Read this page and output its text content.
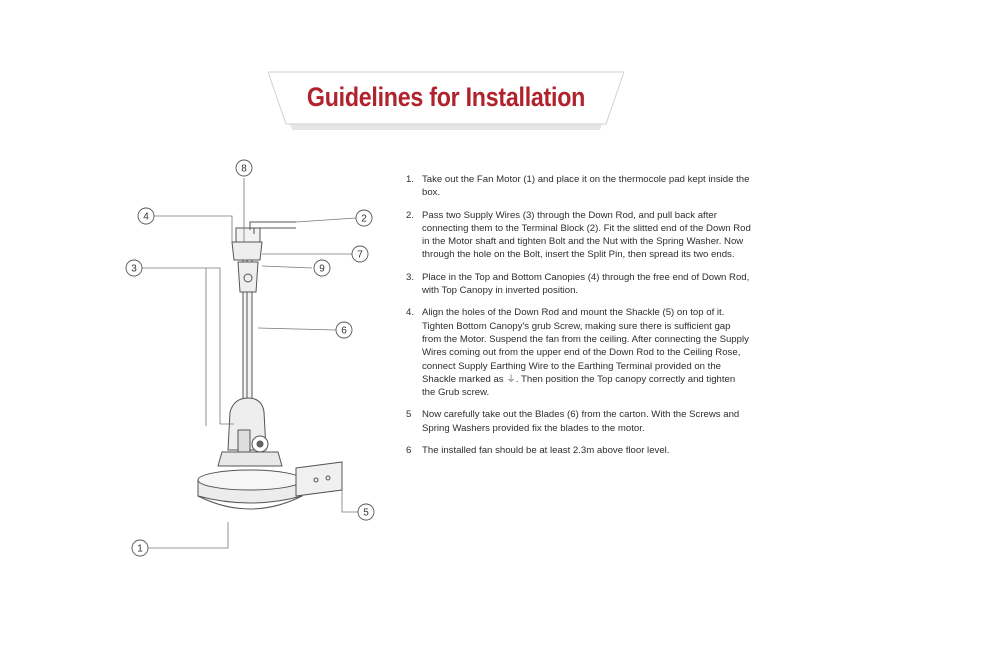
Guidelines for Installation
8
4	2
3
7
9
6
5
1
1. Take out the Fan Motor (1) and place it on the thermocole pad kept inside the box.
2. Pass two Supply Wires (3) through the Down Rod, and pull back after connecting them to the Terminal Block (2). Fit the slitted end of the Down Rod in the Motor shaft and tighten Bolt and the Nut with the Spring Washer. Now through the hole on the Bolt, insert the Split Pin, then spread its two ends.
3. Place in the Top and Bottom Canopies (4) through the free end of Down Rod, with Top Canopy in inverted position.
4. Align the holes of the Down Rod and mount the Shackle (5) on top of it. Tighten Bottom Canopy's grub Screw, making sure there is sufficient gap from the Motor. Suspend the fan from the ceiling. After connecting the Supply Wires coming out from the upper end of the Down Rod to the Ceiling Rose, connect Supply Earthing Wire to the Earthing Terminal provided on the Shackle marked as ⏚. Then position the Top canopy correctly and tighten the Grub screw.
5	Now carefully take out the Blades (6) from the carton. With the Screws and Spring Washers provided fix the blades to the motor.
6	The installed fan should be at least 2.3m above floor level.
